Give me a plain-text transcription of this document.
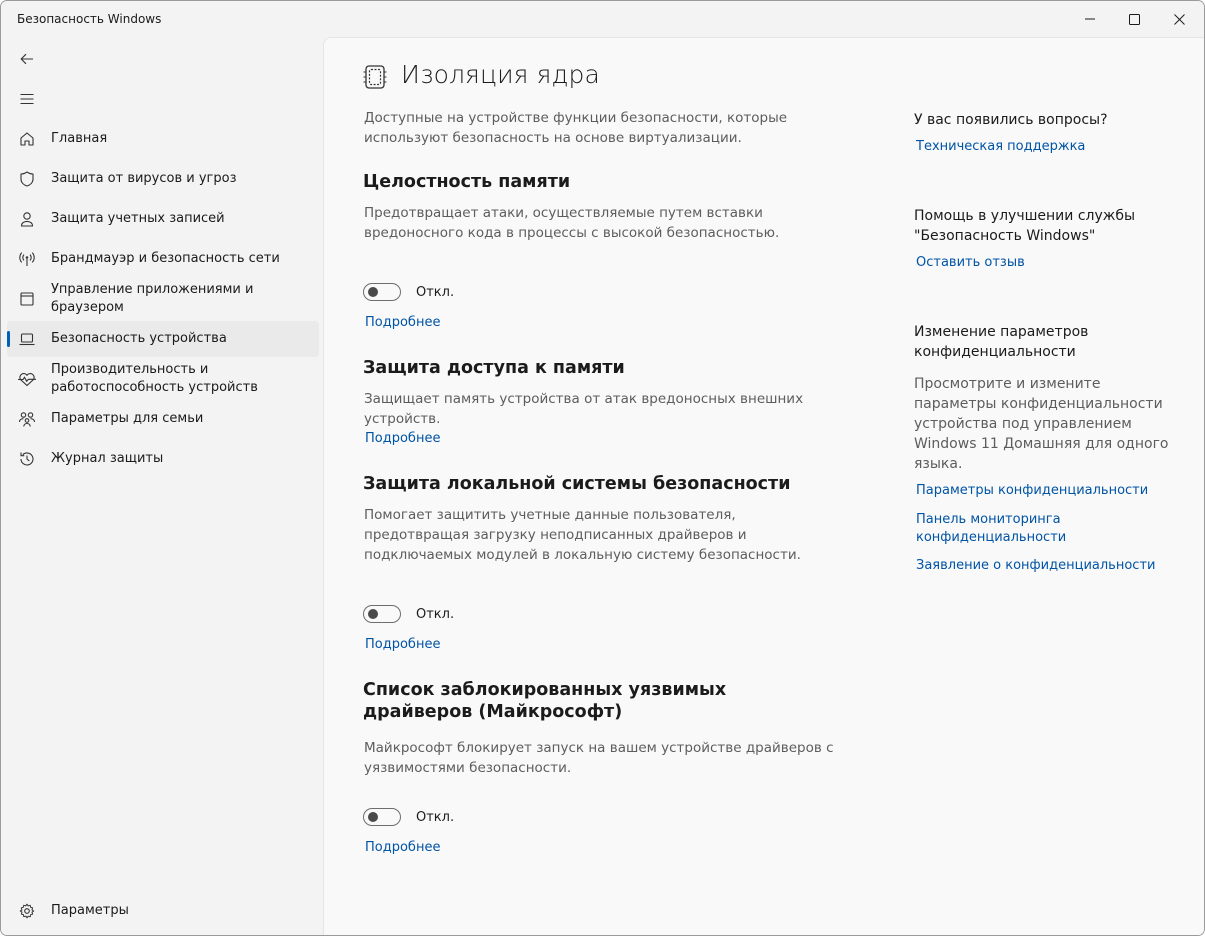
Безопасность Windows
Главная
Защита от вирусов и угроз
Защита учетных записей
Брандмауэр и безопасность сети
Управление приложениями и браузером
Безопасность устройства
Производительность и работоспособность устройств
Параметры для семьи
Журнал защиты
Параметры
Изоляция ядра
Доступные на устройстве функции безопасности, которые используют безопасность на основе виртуализации.
Целостность памяти
Предотвращает атаки, осуществляемые путем вставки вредоносного кода в процессы с высокой безопасностью.
Откл.
Подробнее
Защита доступа к памяти
Защищает память устройства от атак вредоносных внешних устройств.
Подробнее
Защита локальной системы безопасности
Помогает защитить учетные данные пользователя, предотвращая загрузку неподписанных драйверов и подключаемых модулей в локальную систему безопасности.
Откл.
Подробнее
Список заблокированных уязвимых драйверов (Майкрософт)
Майкрософт блокирует запуск на вашем устройстве драйверов с уязвимостями безопасности.
Откл.
Подробнее
У вас появились вопросы?
Техническая поддержка
Помощь в улучшении службы "Безопасность Windows"
Оставить отзыв
Изменение параметров конфиденциальности
Просмотрите и измените параметры конфиденциальности устройства под управлением Windows 11 Домашняя для одного языка.
Параметры конфиденциальности
Панель мониторинга конфиденциальности
Заявление о конфиденциальности
